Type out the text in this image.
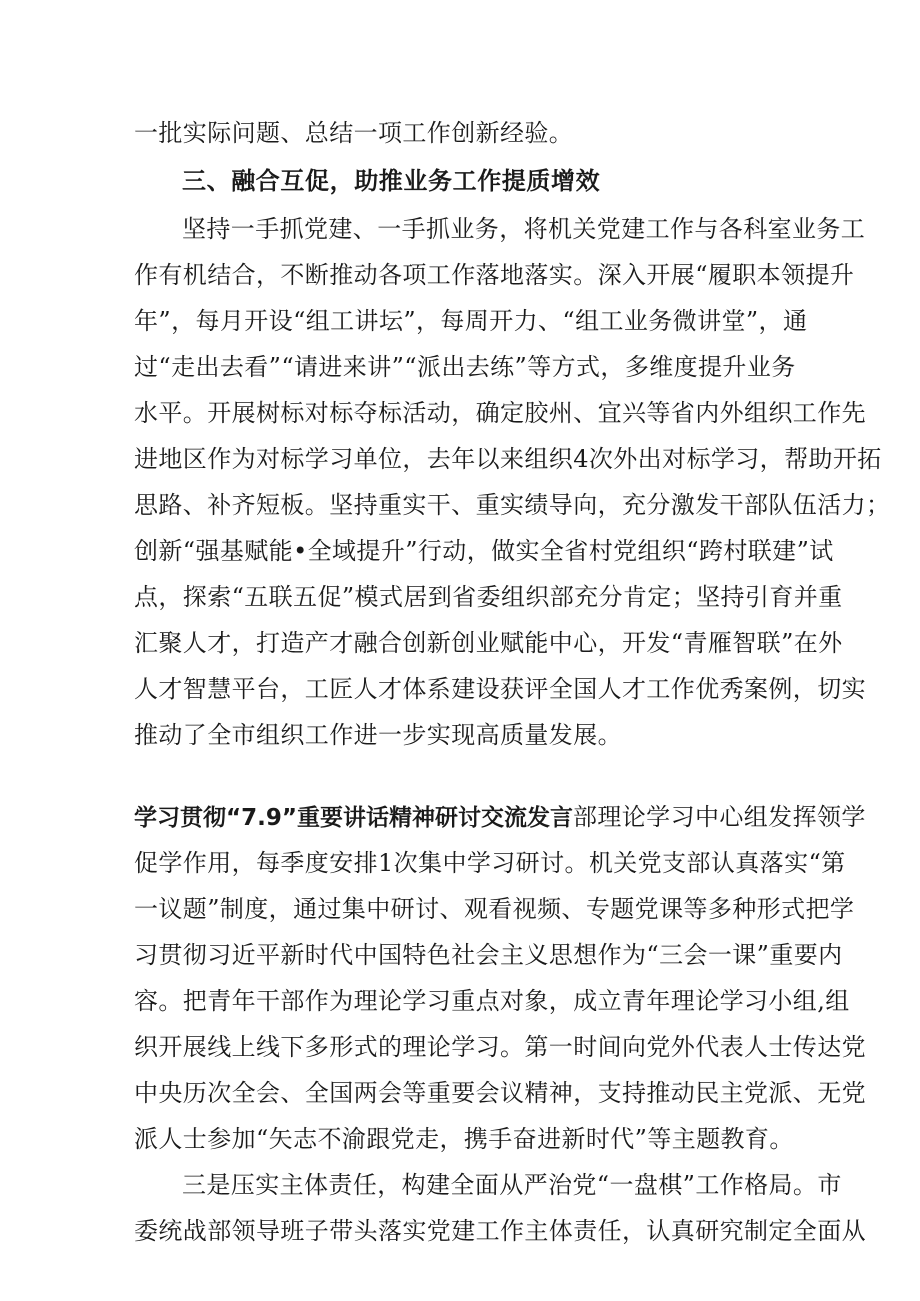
一批实际问题、总结一项工作创新经验。
三、融合互促，助推业务工作提质增效
坚持一手抓党建、一手抓业务，将机关党建工作与各科室业务工
作有机结合，不断推动各项工作落地落实。深入开展“履职本领提升
年”，每月开设“组工讲坛”，每周开力、“组工业务微讲堂”，通
过“走出去看”“请进来讲”“派出去练”等方式，多维度提升业务
水平。开展树标对标夺标活动，确定胶州、宜兴等省内外组织工作先
进地区作为对标学习单位，去年以来组织4次外出对标学习，帮助开拓
思路、补齐短板。坚持重实干、重实绩导向，充分激发干部队伍活力；
创新“强基赋能•全域提升”行动，做实全省村党组织“跨村联建”试
点，探索“五联五促”模式居到省委组织部充分肯定；坚持引育并重
汇聚人才，打造产才融合创新创业赋能中心，开发“青雁智联”在外
人才智慧平台，工匠人才体系建设获评全国人才工作优秀案例，切实
推动了全市组织工作进一步实现高质量发展。
学习贯彻“7.9”重要讲话精神研讨交流发言部理论学习中心组发挥领学
促学作用，每季度安排1次集中学习研讨。机关党支部认真落实“第
一议题”制度，通过集中研讨、观看视频、专题党课等多种形式把学
习贯彻习近平新时代中国特色社会主义思想作为“三会一课”重要内
容。把青年干部作为理论学习重点对象，成立青年理论学习小组,组
织开展线上线下多形式的理论学习。第一时间向党外代表人士传达党
中央历次全会、全国两会等重要会议精神，支持推动民主党派、无党
派人士参加“矢志不渝跟党走，携手奋进新时代”等主题教育。
三是压实主体责任，构建全面从严治党“一盘棋”工作格局。市
委统战部领导班子带头落实党建工作主体责任，认真研究制定全面从
